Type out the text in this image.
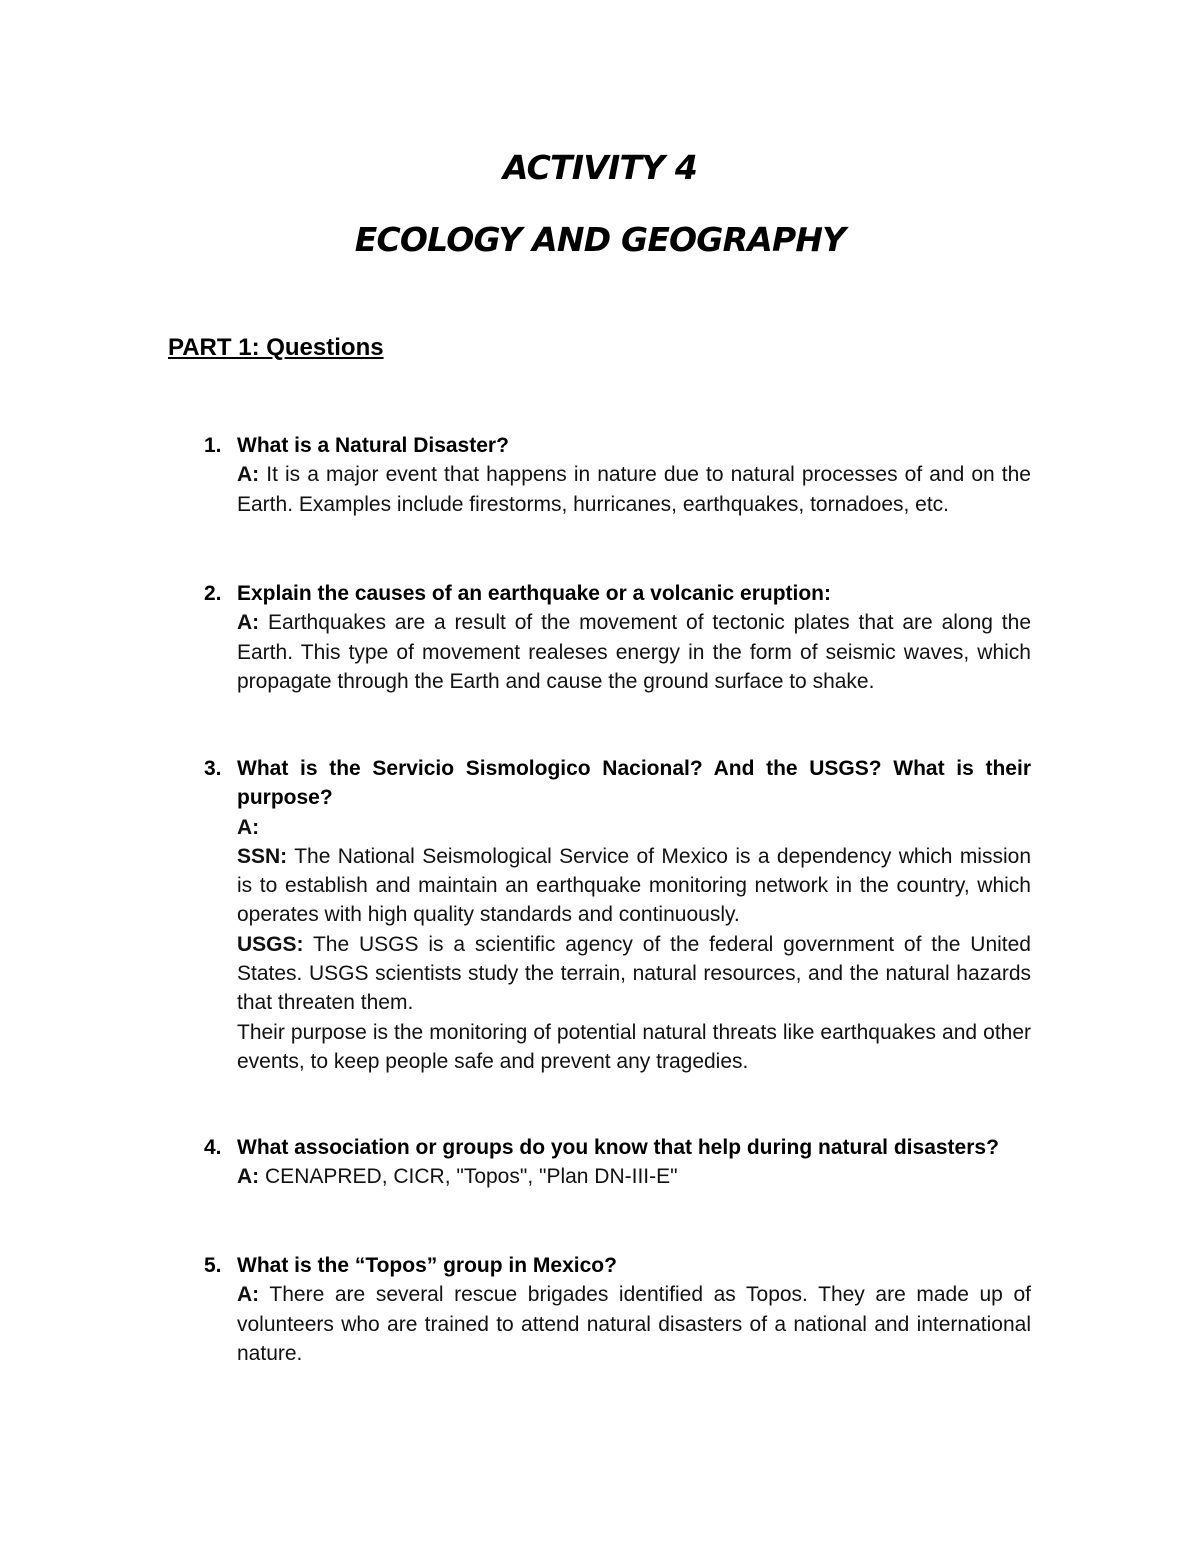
ACTIVITY 4
ECOLOGY AND GEOGRAPHY
PART 1: Questions
1. What is a Natural Disaster?
A: It is a major event that happens in nature due to natural processes of and on the Earth. Examples include firestorms, hurricanes, earthquakes, tornadoes, etc.
2. Explain the causes of an earthquake or a volcanic eruption:
A: Earthquakes are a result of the movement of tectonic plates that are along the Earth. This type of movement realeses energy in the form of seismic waves, which propagate through the Earth and cause the ground surface to shake.
3. What is the Servicio Sismologico Nacional? And the USGS? What is their purpose?
A:
SSN: The National Seismological Service of Mexico is a dependency which mission is to establish and maintain an earthquake monitoring network in the country, which operates with high quality standards and continuously.
USGS: The USGS is a scientific agency of the federal government of the United States. USGS scientists study the terrain, natural resources, and the natural hazards that threaten them.
Their purpose is the monitoring of potential natural threats like earthquakes and other events, to keep people safe and prevent any tragedies.
4. What association or groups do you know that help during natural disasters?
A: CENAPRED, CICR, "Topos", "Plan DN-III-E"
5. What is the “Topos” group in Mexico?
A: There are several rescue brigades identified as Topos. They are made up of volunteers who are trained to attend natural disasters of a national and international nature.
